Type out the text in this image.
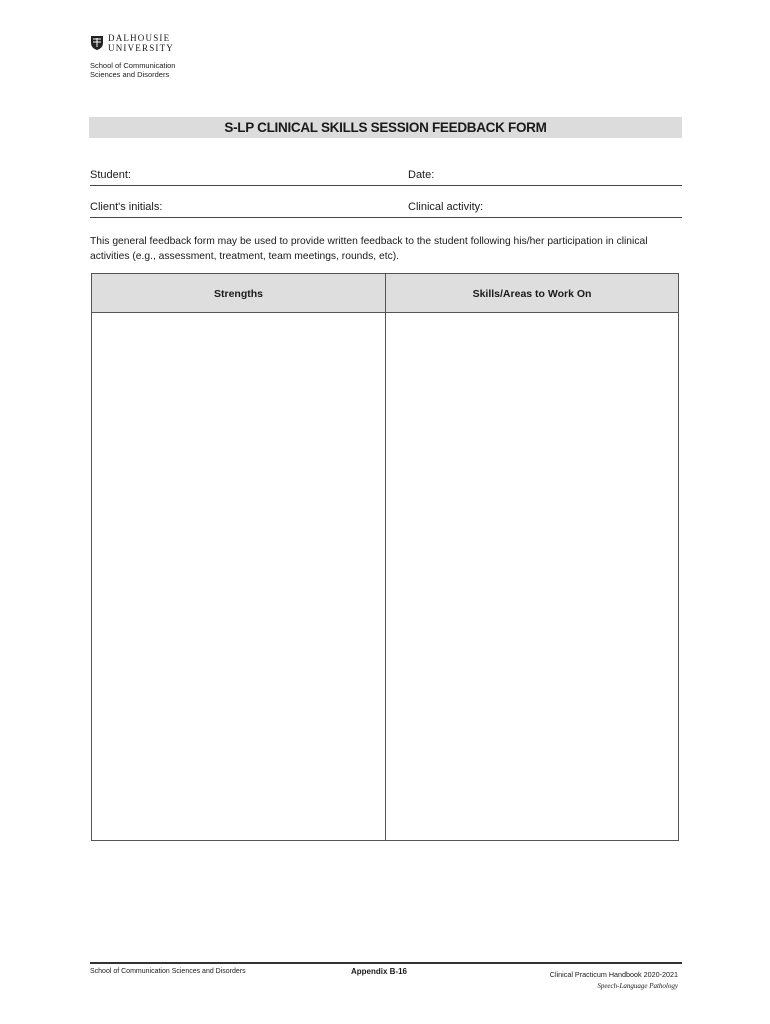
DALHOUSIE
UNIVERSITY
School of Communication
Sciences and Disorders
S-LP CLINICAL SKILLS SESSION FEEDBACK FORM
Student:	Date:
Client's initials:	Clinical activity:
This general feedback form may be used to provide written feedback to the student following his/her participation in clinical activities (e.g., assessment, treatment, team meetings, rounds, etc).
Strengths	Skills/Areas to Work On
School of Communication Sciences and Disorders	Appendix B-16	Clinical Practicum Handbook 2020-2021
Speech-Language Pathology
